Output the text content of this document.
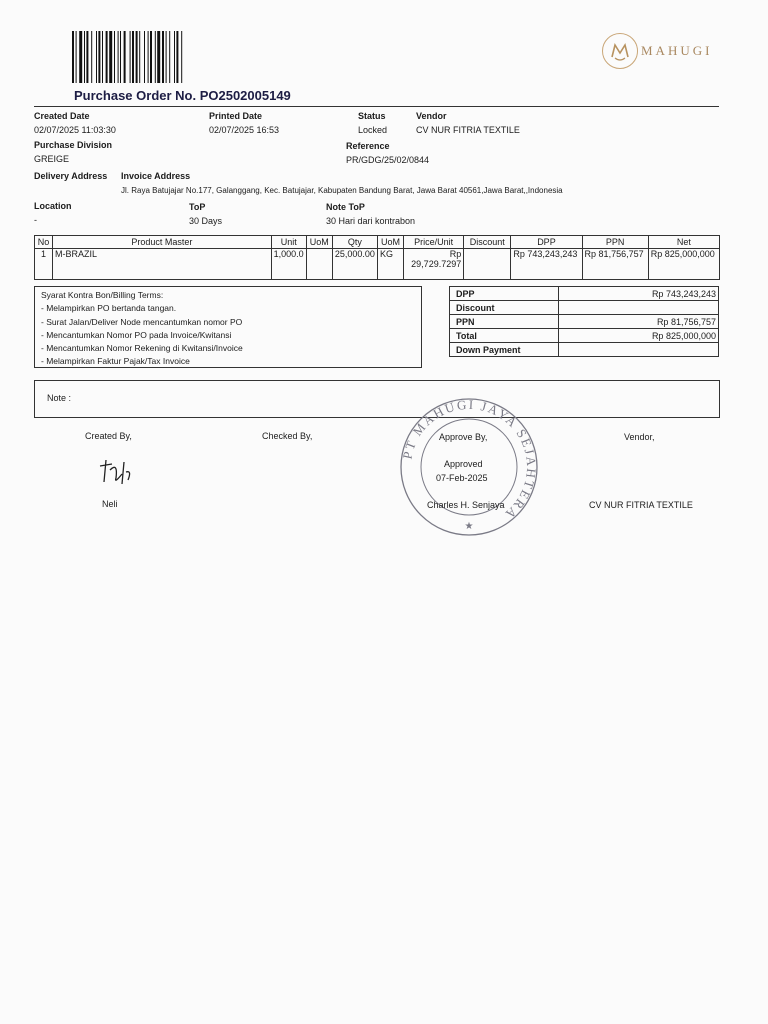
MAHUGI
Purchase Order No. PO2502005149
Created Date
02/07/2025 11:03:30
Printed Date
02/07/2025 16:53
Status
Locked
Vendor
CV NUR FITRIA TEXTILE
Purchase Division
GREIGE
Reference
PR/GDG/25/02/0844
Delivery Address Invoice Address
Jl. Raya Batujajar No.177, Galanggang, Kec. Batujajar, Kabupaten Bandung Barat, Jawa Barat 40561,Jawa Barat,,Indonesia
Location
-
ToP
30 Days
Note ToP
30 Hari dari kontrabon
No	Product Master	Unit	UoM	Qty	UoM	Price/Unit	Discount	DPP	PPN	Net
1	M-BRAZIL	1,000.0		25,000.00	KG	Rp
29,729.7297		Rp 743,243,243	Rp 81,756,757	Rp 825,000,000
Syarat Kontra Bon/Billing Terms:
- Melampirkan PO bertanda tangan.
- Surat Jalan/Deliver Node mencantumkan nomor PO
- Mencantumkan Nomor PO pada Invoice/Kwitansi
- Mencantumkan Nomor Rekening di Kwitansi/Invoice
- Melampirkan Faktur Pajak/Tax Invoice
DPP	Rp 743,243,243
Discount	
PPN	Rp 81,756,757
Total	Rp 825,000,000
Down Payment	
Note :
PT MAHUGI JAYA SEJAHTERA
★
Created By,
Neli
Checked By,	Approve By,
Approved
07-Feb-2025
Charles H. Senjaya
Vendor,
CV NUR FITRIA TEXTILE
